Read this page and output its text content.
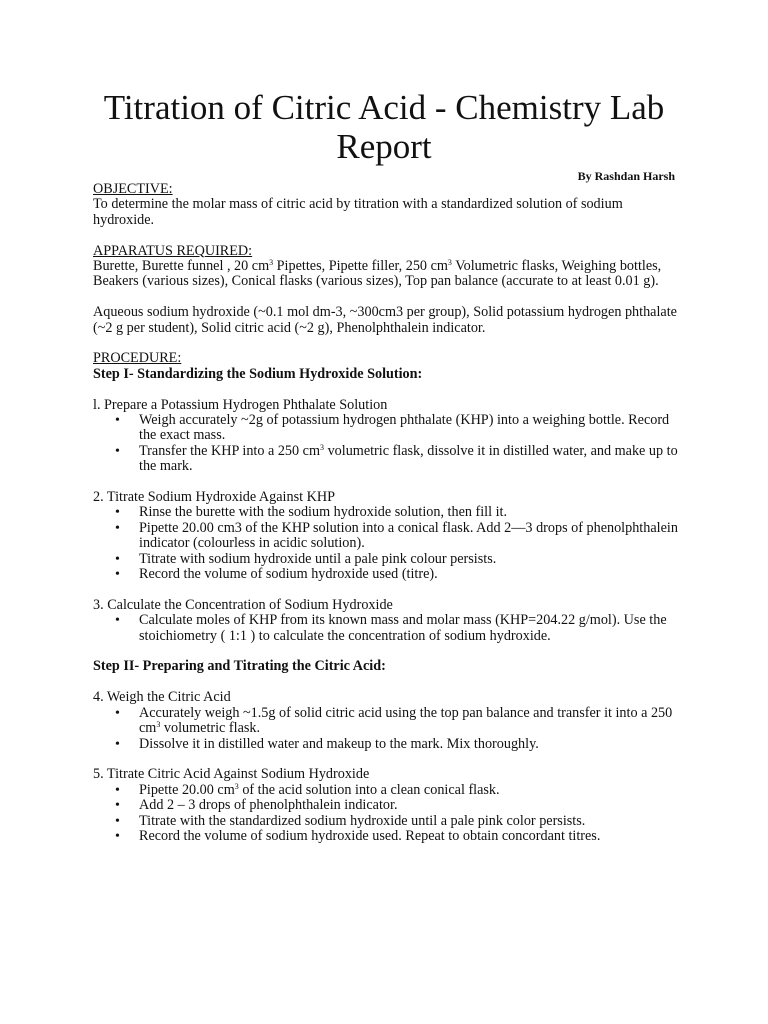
Titration of Citric Acid - Chemistry Lab Report
By Rashdan Harsh

OBJECTIVE:

To determine the molar mass of citric acid by titration with a standardized solution of sodium hydroxide.

APPARATUS REQUIRED:

Burette, Burette funnel , 20 $cm^3$ Pipettes, Pipette filler, 250 $cm^3$ Volumetric flasks, Weighing bottles, Beakers (various sizes), Conical flasks (various sizes), Top pan balance (accurate to at least 0.01 g).

Aqueous sodium hydroxide (~0.1 mol dm-3, ~300cm3 per group), Solid potassium hydrogen phthalate (~2 g per student), Solid citric acid (~2 g), Phenolphthalein indicator.

PROCEDURE:

Step I- Standardizing the Sodium Hydroxide Solution:

l. Prepare a Potassium Hydrogen Phthalate Solution

• Weigh accurately ~2g of potassium hydrogen phthalate (KHP) into a weighing bottle. Record the exact mass.
• Transfer the KHP into a 250 $cm^3$ volumetric flask, dissolve it in distilled water, and make up to the mark.

2. Titrate Sodium Hydroxide Against KHP

• Rinse the burette with the sodium hydroxide solution, then fill it.
• Pipette 20.00 cm3 of the KHP solution into a conical flask. Add 2—3 drops of phenolphthalein indicator (colourless in acidic solution).
• Titrate with sodium hydroxide until a pale pink colour persists.
• Record the volume of sodium hydroxide used (titre).

3. Calculate the Concentration of Sodium Hydroxide

• Calculate moles of KHP from its known mass and molar mass (KHP=204.22 g/mol). Use the stoichiometry ( 1:1 ) to calculate the concentration of sodium hydroxide.

Step II- Preparing and Titrating the Citric Acid:

4. Weigh the Citric Acid

• Accurately weigh ~1.5g of solid citric acid using the top pan balance and transfer it into a 250 $cm^3$ volumetric flask.
• Dissolve it in distilled water and makeup to the mark. Mix thoroughly.

5. Titrate Citric Acid Against Sodium Hydroxide

• Pipette 20.00 $cm^3$ of the acid solution into a clean conical flask.
• Add 2 – 3 drops of phenolphthalein indicator.
• Titrate with the standardized sodium hydroxide until a pale pink color persists.
• Record the volume of sodium hydroxide used. Repeat to obtain concordant titres.
